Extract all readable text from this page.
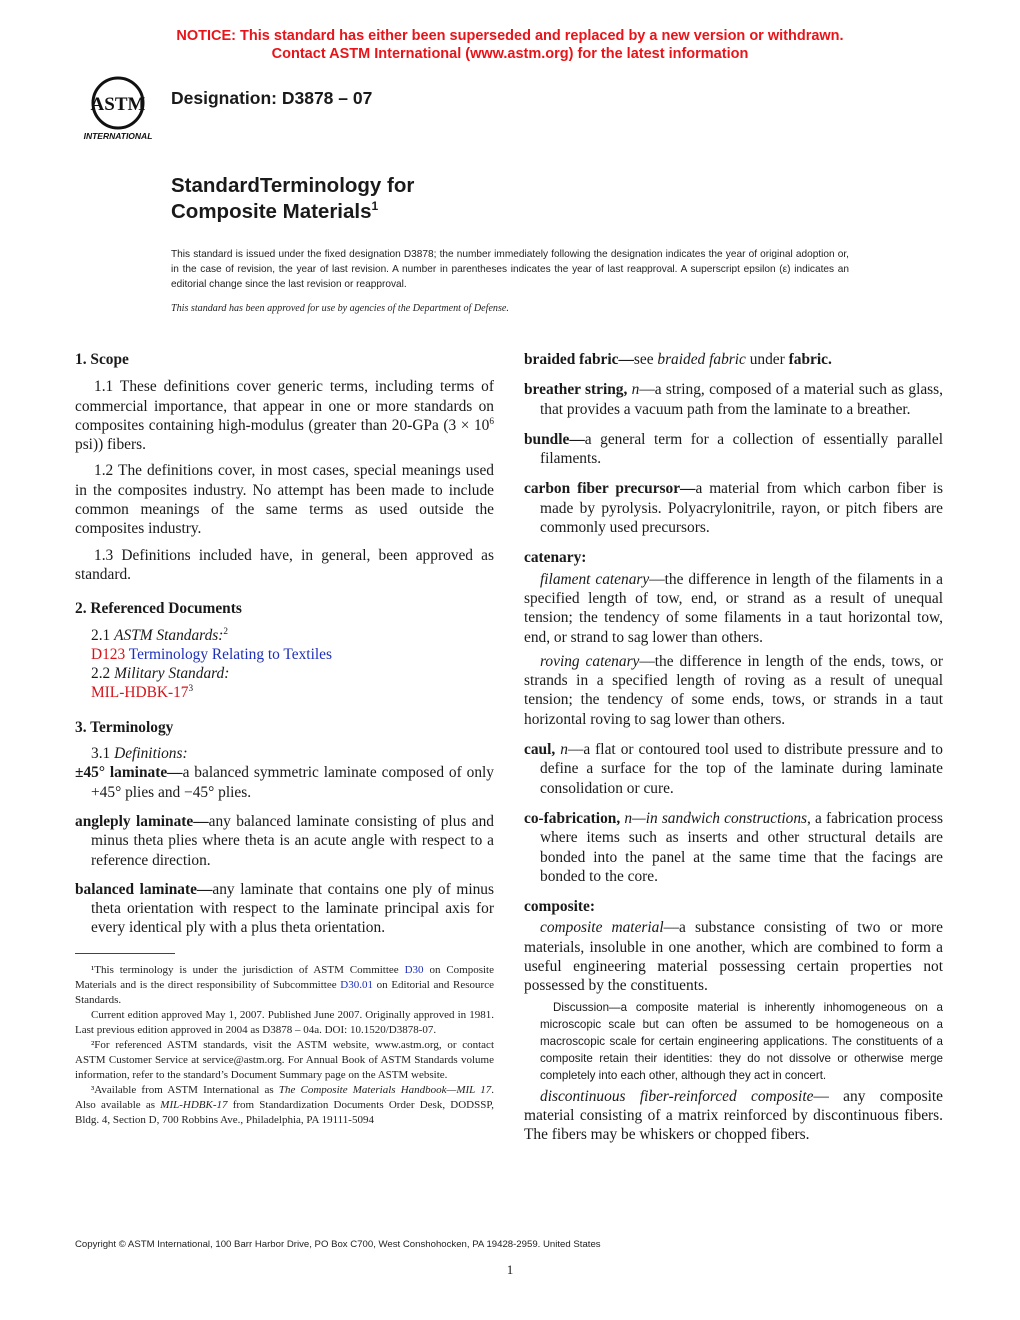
NOTICE: This standard has either been superseded and replaced by a new version or withdrawn.
Contact ASTM International (www.astm.org) for the latest information
ASTM
INTERNATIONAL
Designation: D3878 – 07
StandardTerminology for
Composite Materials$^1$
This standard is issued under the fixed designation D3878; the number immediately following the designation indicates the year of original adoption or, in the case of revision, the year of last revision. A number in parentheses indicates the year of last reapproval. A superscript epsilon (ε) indicates an editorial change since the last revision or reapproval.
This standard has been approved for use by agencies of the Department of Defense.

1. Scope

1.1 These definitions cover generic terms, including terms of commercial importance, that appear in one or more standards on composites containing high-modulus (greater than 20-GPa ($3 \times 10^6$ psi)) fibers.

1.2 The definitions cover, in most cases, special meanings used in the composites industry. No attempt has been made to include common meanings of the same terms as used outside the composites industry.

1.3 Definitions included have, in general, been approved as standard.

2. Referenced Documents

2.1 ASTM Standards:$^2$

D123 Terminology Relating to Textiles

2.2 Military Standard:

MIL-$HDBK-17^3$

3. Terminology

3.1 Definitions:

±45° laminate—a balanced symmetric laminate composed of only +45° plies and −45° plies.

angleply laminate—any balanced laminate consisting of plus and minus theta plies where theta is an acute angle with respect to a reference direction.

balanced laminate—any laminate that contains one ply of minus theta orientation with respect to the laminate principal axis for every identical ply with a plus theta orientation.

¹This terminology is under the jurisdiction of ASTM Committee D30 on Composite Materials and is the direct responsibility of Subcommittee D30.01 on Editorial and Resource Standards.

Current edition approved May 1, 2007. Published June 2007. Originally approved in 1981. Last previous edition approved in 2004 as D3878 – 04a. DOI: 10.1520/D3878-07.

²For referenced ASTM standards, visit the ASTM website, www.astm.org, or contact ASTM Customer Service at service@astm.org. For Annual Book of ASTM Standards volume information, refer to the standard’s Document Summary page on the ASTM website.

³Available from ASTM International as The Composite Materials Handbook—MIL 17. Also available as MIL-HDBK-17 from Standardization Documents Order Desk, DODSSP, Bldg. 4, Section D, 700 Robbins Ave., Philadelphia, PA 19111-5094

braided fabric—see braided fabric under fabric.

breather string, n—a string, composed of a material such as glass, that provides a vacuum path from the laminate to a breather.

bundle—a general term for a collection of essentially parallel filaments.

carbon fiber precursor—a material from which carbon fiber is made by pyrolysis. Polyacrylonitrile, rayon, or pitch fibers are commonly used precursors.

catenary:

filament catenary—the difference in length of the filaments in a specified length of tow, end, or strand as a result of unequal tension; the tendency of some filaments in a taut horizontal tow, end, or strand to sag lower than others.

roving catenary—the difference in length of the ends, tows, or strands in a specified length of roving as a result of unequal tension; the tendency of some ends, tows, or strands in a taut horizontal roving to sag lower than others.

caul, n—a flat or contoured tool used to distribute pressure and to define a surface for the top of the laminate during laminate consolidation or cure.

co-fabrication, n—in sandwich constructions, a fabrication process where items such as inserts and other structural details are bonded into the panel at the same time that the facings are bonded to the core.

composite:

composite material—a substance consisting of two or more materials, insoluble in one another, which are combined to form a useful engineering material possessing certain properties not possessed by the constituents.

Discussion—a composite material is inherently inhomogeneous on a microscopic scale but can often be assumed to be homogeneous on a macroscopic scale for certain engineering applications. The constituents of a composite retain their identities: they do not dissolve or otherwise merge completely into each other, although they act in concert.

discontinuous fiber-reinforced composite— any composite material consisting of a matrix reinforced by discontinuous fibers. The fibers may be whiskers or chopped fibers.

Copyright © ASTM International, 100 Barr Harbor Drive, PO Box C700, West Conshohocken, PA 19428-2959. United States
1
